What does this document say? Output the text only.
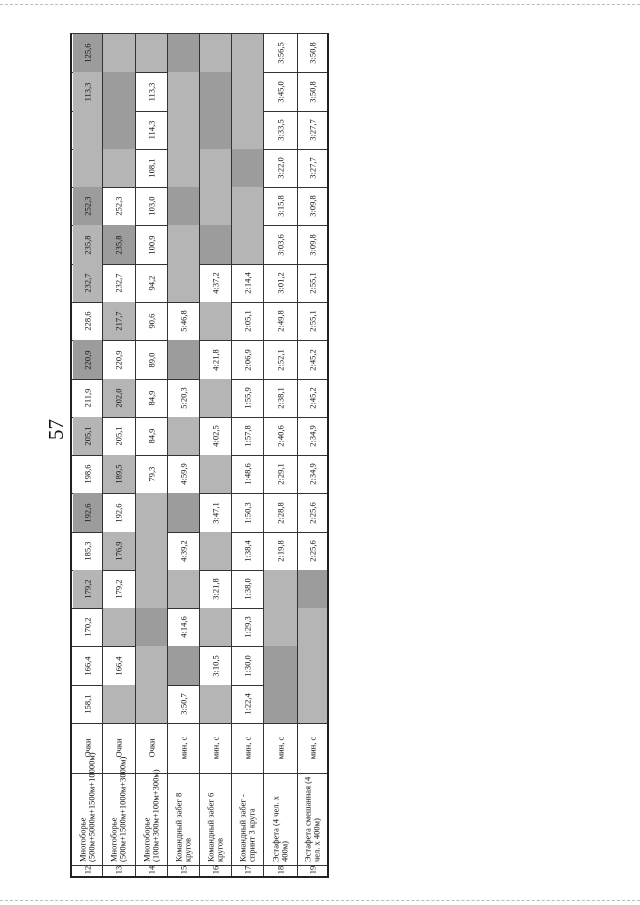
57
158,1
166,4
170,2
179,2
185,3
192,6
198,6
205,1
211,9
220,9
228,6
232,7
235,8
252,3
113,3
125,6
Очки
Многоборье (500м+5000м+1500м+10000м)
12
166,4
179,2
176,9
192,6
189,5
205,1
202,0
220,9
217,7
232,7
235,8
252,3
Очки
Многоборье (500м+1500м+1000м+3000м)
13
79,3
84,9
84,9
89,0
90,6
94,2
100,9
103,0
108,1
114,3
113,3
Очки
Многоборье (100м+300м+100м+300м)
14
3:50,7
4:14,6
4:39,2
4:59,9
5:20,3
5:46,8
мин, с
Командный забег 8 кругов
15
3:10,5
3:21,8
3:47,1
4:02,5
4:21,8
4:37,2
мин, с
Командный забег 6 кругов
16
1:22,4
1:30,0
1:29,3
1:38,0
1:38,4
1:50,3
1:48,6
1:57,8
1:55,9
2:06,9
2:05,1
2:14,4
мин, с
Командный забег - спринт 3 круга
17
2:19,8
2:28,8
2:29,1
2:40,6
2:38,1
2:52,1
2:49,8
3:01,2
3:03,6
3:15,8
3:22,0
3:33,5
3:45,0
3:56,5
мин, с
Эстафета (4 чел. х 400м)
18
2:25,6
2:25,6
2:34,9
2:34,9
2:45,2
2:45,2
2:55,1
2:55,1
3:09,8
3:09,8
3:27,7
3:27,7
3:50,8
3:50,8
мин, с
Эстафета смешанная (4 чел. х 400м)
19
